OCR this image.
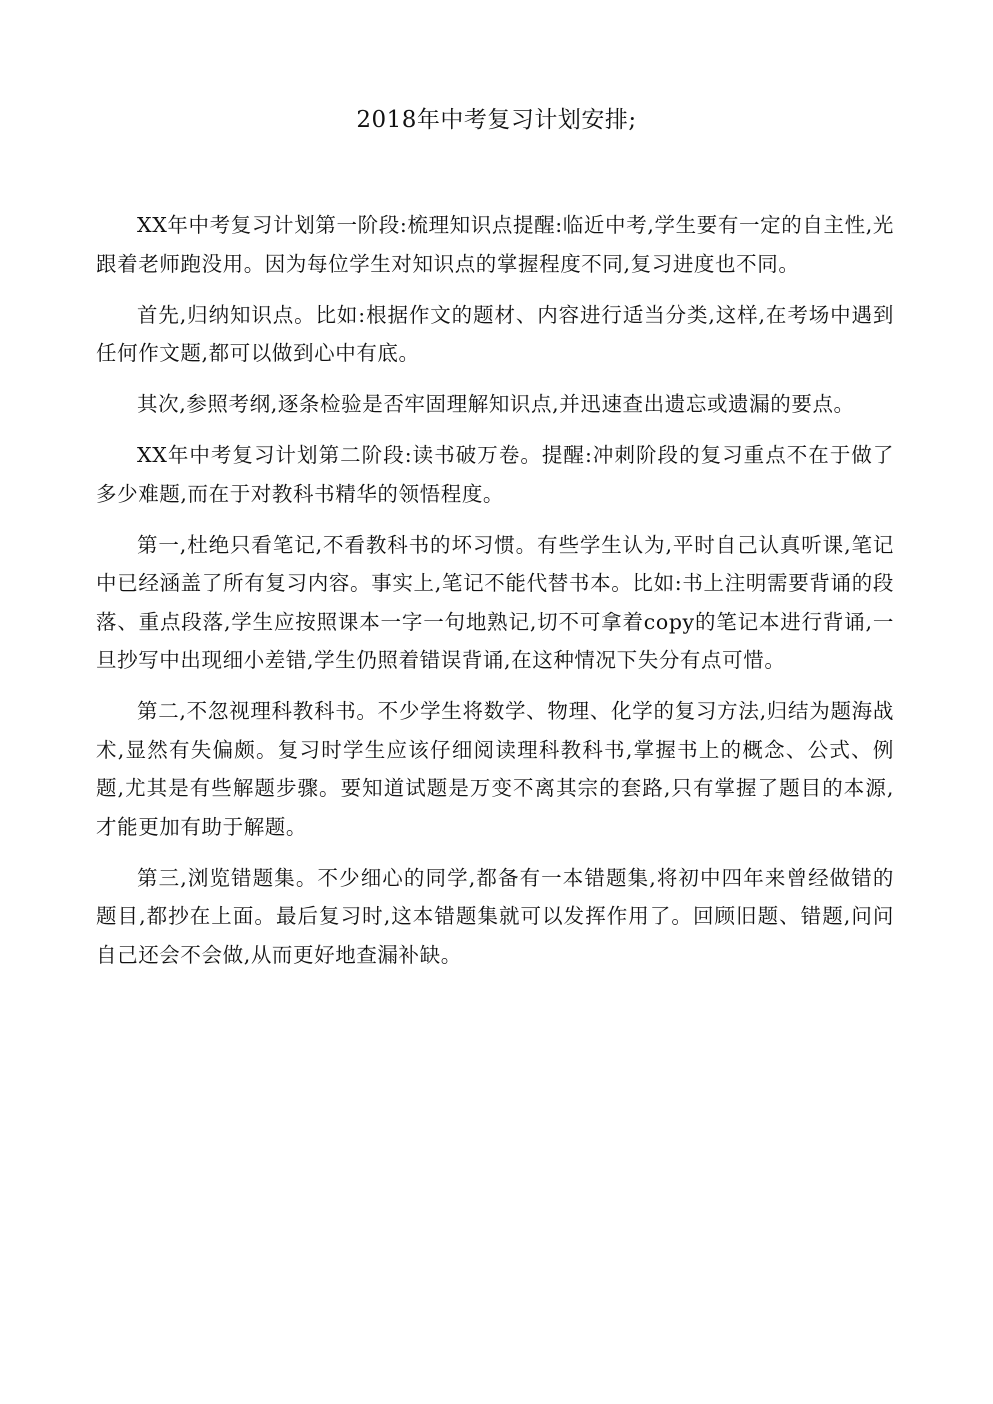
2018年中考复习计划安排;

XX年中考复习计划第一阶段:梳理知识点提醒:临近中考,学生要有一定的自主性,光跟着老师跑没用。因为每位学生对知识点的掌握程度不同,复习进度也不同。

首先,归纳知识点。比如:根据作文的题材、内容进行适当分类,这样,在考场中遇到任何作文题,都可以做到心中有底。

其次,参照考纲,逐条检验是否牢固理解知识点,并迅速查出遗忘或遗漏的要点。

XX年中考复习计划第二阶段:读书破万卷。提醒:冲刺阶段的复习重点不在于做了多少难题,而在于对教科书精华的领悟程度。

第一,杜绝只看笔记,不看教科书的坏习惯。有些学生认为,平时自己认真听课,笔记中已经涵盖了所有复习内容。事实上,笔记不能代替书本。比如:书上注明需要背诵的段落、重点段落,学生应按照课本一字一句地熟记,切不可拿着copy的笔记本进行背诵,一旦抄写中出现细小差错,学生仍照着错误背诵,在这种情况下失分有点可惜。

第二,不忽视理科教科书。不少学生将数学、物理、化学的复习方法,归结为题海战术,显然有失偏颇。复习时学生应该仔细阅读理科教科书,掌握书上的概念、公式、例题,尤其是有些解题步骤。要知道试题是万变不离其宗的套路,只有掌握了题目的本源,才能更加有助于解题。

第三,浏览错题集。不少细心的同学,都备有一本错题集,将初中四年来曾经做错的题目,都抄在上面。最后复习时,这本错题集就可以发挥作用了。回顾旧题、错题,问问自己还会不会做,从而更好地查漏补缺。
